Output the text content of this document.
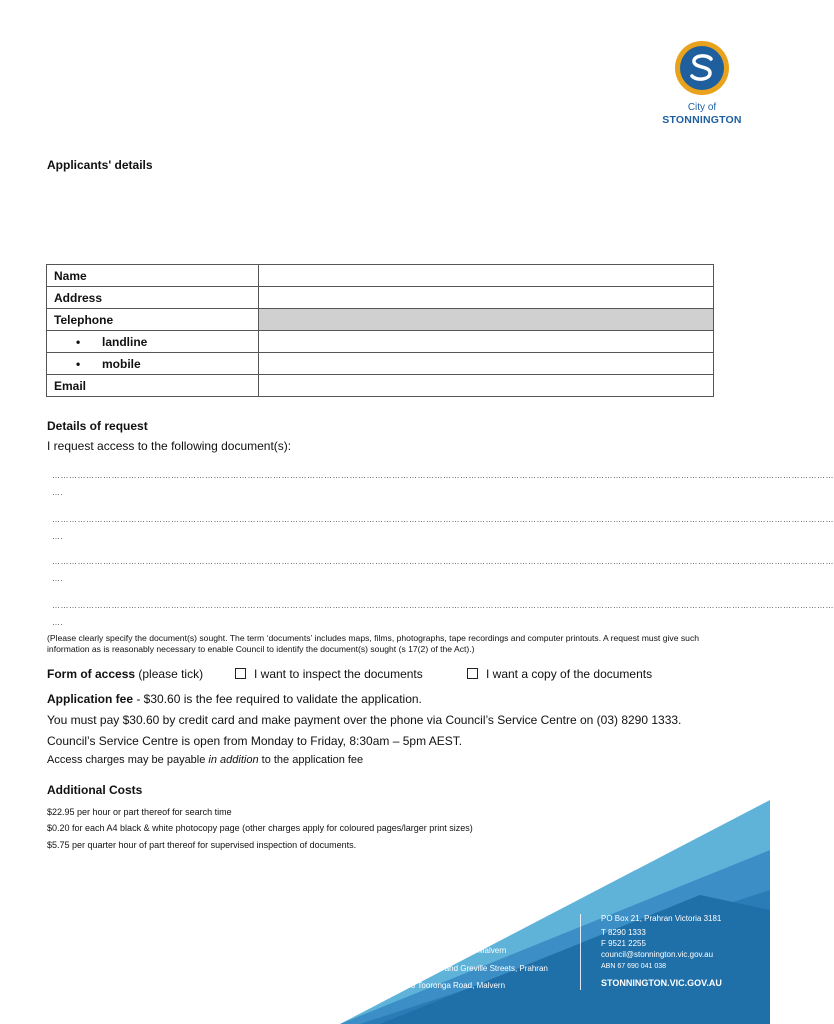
City of
STONNINGTON
Applicants' details
Name	
Address	
Telephone	
• landline	
• mobile	
Email	
Details of request
I request access to the following document(s):
……………………………………………………………………………………………………………………………………………………………………………………………………………………………………………………
….
……………………………………………………………………………………………………………………………………………………………………………………………………………………………………………………
….
……………………………………………………………………………………………………………………………………………………………………………………………………………………………………………………
….
……………………………………………………………………………………………………………………………………………………………………………………………………………………………………………………
….
(Please clearly specify the document(s) sought. The term ‘documents’ includes maps, films, photographs, tape recordings and computer printouts. A request must give such information as is reasonably necessary to enable Council to identify the document(s) sought (s 17(2) of the Act).)
Form of access (please tick)	I want to inspect the documents	I want a copy of the documents
Application fee - $30.60 is the fee required to validate the application.
You must pay $30.60 by credit card and make payment over the phone via Council’s Service Centre on (03) 8290 1333.
Council’s Service Centre is open from Monday to Friday, 8:30am – 5pm AEST.
Access charges may be payable in addition to the application fee
Additional Costs
$22.95 per hour or part thereof for search time
$0.20 for each A4 black & white photocopy page (other charges apply for coloured pages/larger print sizes)
$5.75 per quarter hour of part thereof for supervised inspection of documents.
Service Centres
311 Glenferrie Road, Malvern
Cnr Chapel and Greville Streets, Prahran
293 Tooronga Road, Malvern
PO Box 21, Prahran Victoria 3181
T 8290 1333
F 9521 2255
council@stonnington.vic.gov.au
ABN 67 690 041 038
STONNINGTON.VIC.GOV.AU
